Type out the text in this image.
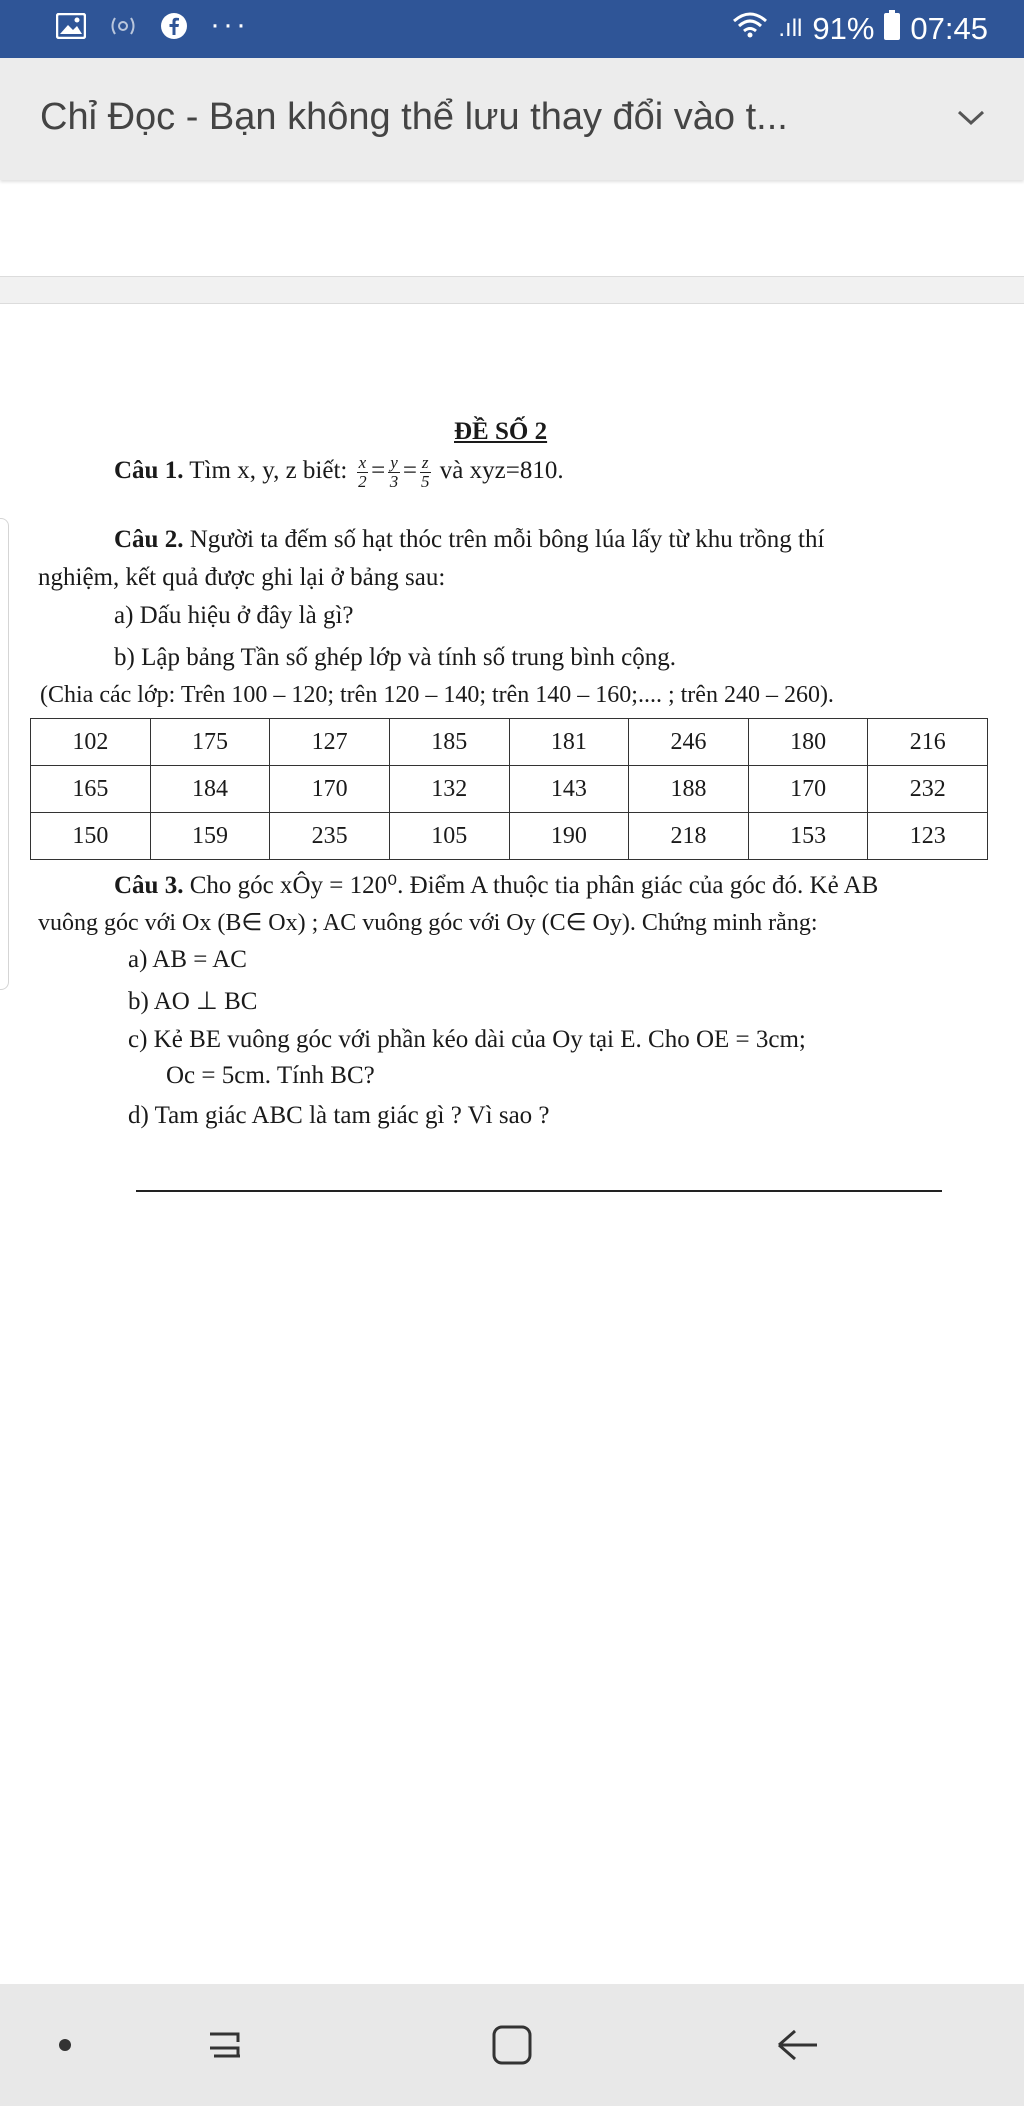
···	.ıll 91% 07:45
Chỉ Đọc - Bạn không thể lưu thay đổi vào t...
ĐỀ SỐ 2
Câu 1. Tìm x, y, z biết: $\frac{x}{2} = \frac{y}{3} = \frac{z}{5}$ và xyz=810.
Câu 2. Người ta đếm số hạt thóc trên mỗi bông lúa lấy từ khu trồng thí
nghiệm, kết quả được ghi lại ở bảng sau:
a) Dấu hiệu ở đây là gì?
b) Lập bảng Tần số ghép lớp và tính số trung bình cộng.
(Chia các lớp: Trên 100 – 120; trên 120 – 140; trên 140 – 160;.... ; trên 240 – 260).
102	175	127	185	181	246	180	216
165	184	170	132	143	188	170	232
150	159	235	105	190	218	153	123
Câu 3. Cho góc xÔy = 120⁰. Điểm A thuộc tia phân giác của góc đó. Kẻ AB
vuông góc với Ox (B∈ Ox) ; AC vuông góc với Oy (C∈ Oy). Chứng minh rằng:
a) AB = AC
b) AO ⊥ BC
c) Kẻ BE vuông góc với phần kéo dài của Oy tại E. Cho OE = 3cm;
Oc = 5cm. Tính BC?
d) Tam giác ABC là tam giác gì ? Vì sao ?
